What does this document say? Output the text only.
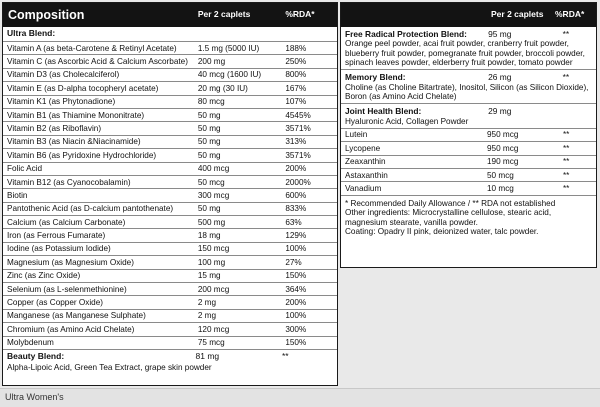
Composition	Per 2 caplets	%RDA*
Ultra Blend:
Vitamin A (as beta-Carotene & Retinyl Acetate)	1.5 mg (5000 IU)	188%
Vitamin C (as Ascorbic Acid & Calcium Ascorbate)	200 mg	250%
Vitamin D3 (as Cholecalciferol)	40 mcg (1600 IU)	800%
Vitamin E (as D-alpha tocopheryl acetate)	20 mg (30 IU)	167%
Vitamin K1 (as Phytonadione)	80 mcg	107%
Vitamin B1 (as Thiamine Mononitrate)	50 mg	4545%
Vitamin B2 (as Riboflavin)	50 mg	3571%
Vitamin B3 (as Niacin &Niacinamide)	50 mg	313%
Vitamin B6 (as Pyridoxine Hydrochloride)	50 mg	3571%
Folic Acid	400 mcg	200%
Vitamin B12 (as Cyanocobalamin)	50 mcg	2000%
Biotin	300 mcg	600%
Pantothenic Acid (as D-calcium pantothenate)	50 mg	833%
Calcium (as Calcium Carbonate)	500 mg	63%
Iron (as Ferrous Fumarate)	18 mg	129%
Iodine (as Potassium Iodide)	150 mcg	100%
Magnesium (as Magnesium Oxide)	100 mg	27%
Zinc (as Zinc Oxide)	15 mg	150%
Selenium (as L-selenmethionine)	200 mcg	364%
Copper (as Copper Oxide)	2 mg	200%
Manganese (as Manganese Sulphate)	2 mg	100%
Chromium (as Amino Acid Chelate)	120 mcg	300%
Molybdenum	75 mcg	150%
Beauty Blend:	81 mg	**
Alpha-Lipoic Acid, Green Tea Extract, grape skin powder
Per 2 caplets	%RDA*
Free Radical Protection Blend:	95 mg	**
Orange peel powder, acai fruit powder, cranberry fruit powder, blueberry fruit powder, pomegranate fruit powder, broccoli powder, spinach leaves powder, elderberry fruit powder, tomato powder
Memory Blend:	26 mg	**
Choline (as Choline Bitartrate), Inositol, Silicon (as Silicon Dioxide), Boron (as Amino Acid Chelate)
Joint Health Blend:	29 mg
Hyaluronic Acid, Collagen Powder
Lutein	950 mcg	**
Lycopene	950 mcg	**
Zeaxanthin	190 mcg	**
Astaxanthin	50 mcg	**
Vanadium	10 mcg	**
* Recommended Daily Allowance / ** RDA not established
Other ingredients: Microcrystalline cellulose, stearic acid, magnesium stearate, vanilla powder.
Coating: Opadry II pink, deionized water, talc powder.
Ultra Women's
